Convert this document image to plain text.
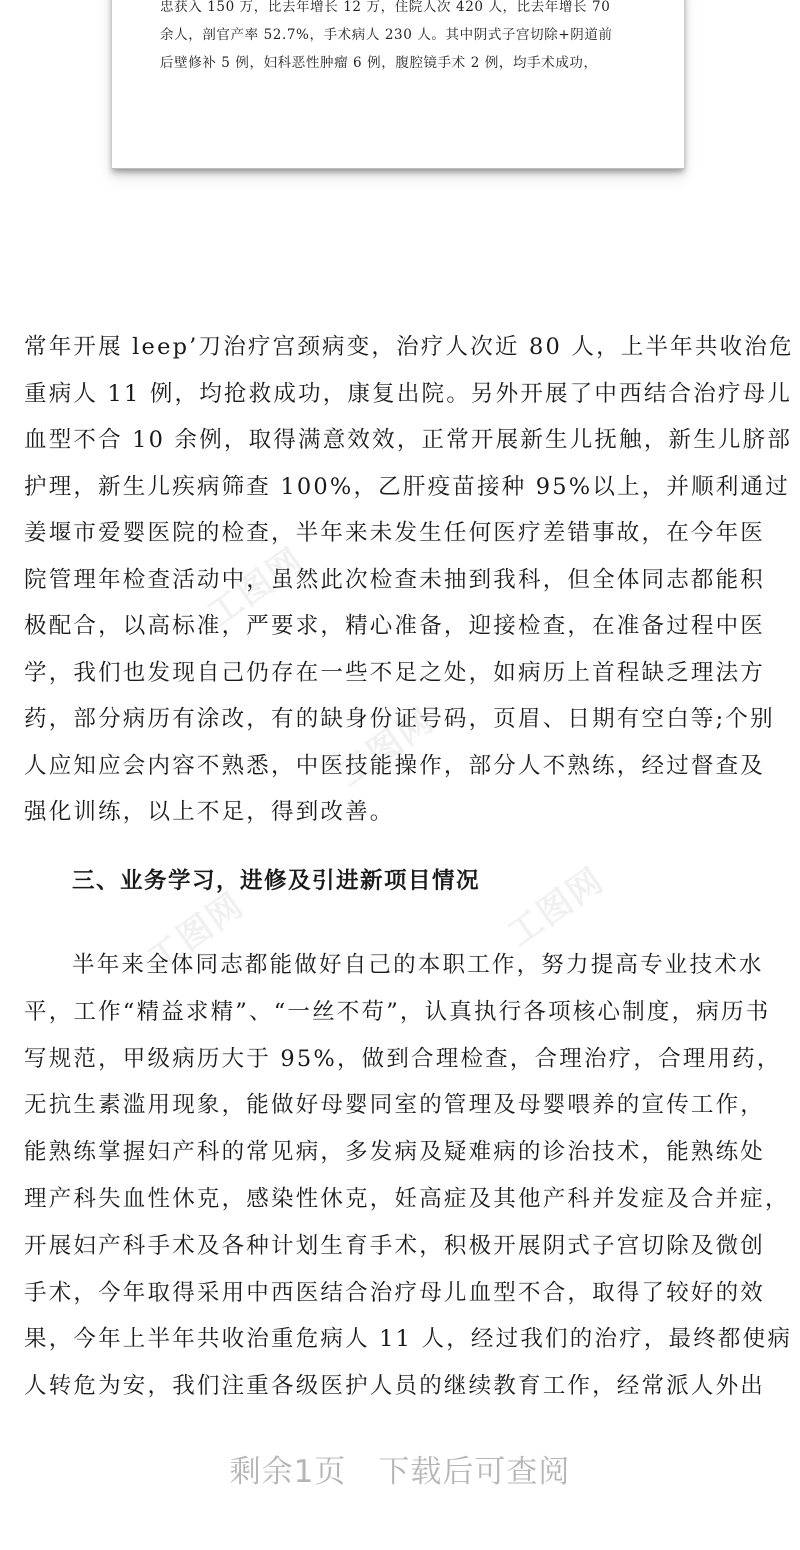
忠获入 150 万，比去年增长 12 万，住院人次 420 人，比去年增长 70
余人，剖官产率 52.7%，手术病人 230 人。其中阴式子宫切除+阴道前
后壁修补 5 例，妇科恶性肿瘤 6 例，腹腔镜手术 2 例，均手术成功，
工图网
工图网
工图网	工图网
常年开展 leep’刀治疗宫颈病变，治疗人次近 80 人，上半年共收治危
重病人 11 例，均抢救成功，康复出院。另外开展了中西结合治疗母儿
血型不合 10 余例，取得满意效效，正常开展新生儿抚触，新生儿脐部
护理，新生儿疾病筛查 100%，乙肝疫苗接种 95%以上，并顺利通过
姜堰市爱婴医院的检查，半年来未发生任何医疗差错事故，在今年医
院管理年检查活动中，虽然此次检查未抽到我科，但全体同志都能积
极配合，以高标准，严要求，精心准备，迎接检查，在准备过程中医
学，我们也发现自己仍存在一些不足之处，如病历上首程缺乏理法方
药，部分病历有涂改，有的缺身份证号码，页眉、日期有空白等;个别
人应知应会内容不熟悉，中医技能操作，部分人不熟练，经过督查及
强化训练，以上不足，得到改善。
三、业务学习，进修及引进新项目情况
半年来全体同志都能做好自己的本职工作，努力提高专业技术水
平，工作“精益求精”、“一丝不苟”，认真执行各项核心制度，病历书
写规范，甲级病历大于 95%，做到合理检查，合理治疗，合理用药，
无抗生素滥用现象，能做好母婴同室的管理及母婴喂养的宣传工作，
能熟练掌握妇产科的常见病，多发病及疑难病的诊治技术，能熟练处
理产科失血性休克，感染性休克，妊高症及其他产科并发症及合并症，
开展妇产科手术及各种计划生育手术，积极开展阴式子宫切除及微创
手术，今年取得采用中西医结合治疗母儿血型不合，取得了较好的效
果，今年上半年共收治重危病人 11 人，经过我们的治疗，最终都使病
人转危为安，我们注重各级医护人员的继续教育工作，经常派人外出
剩余1页　下载后可查阅
